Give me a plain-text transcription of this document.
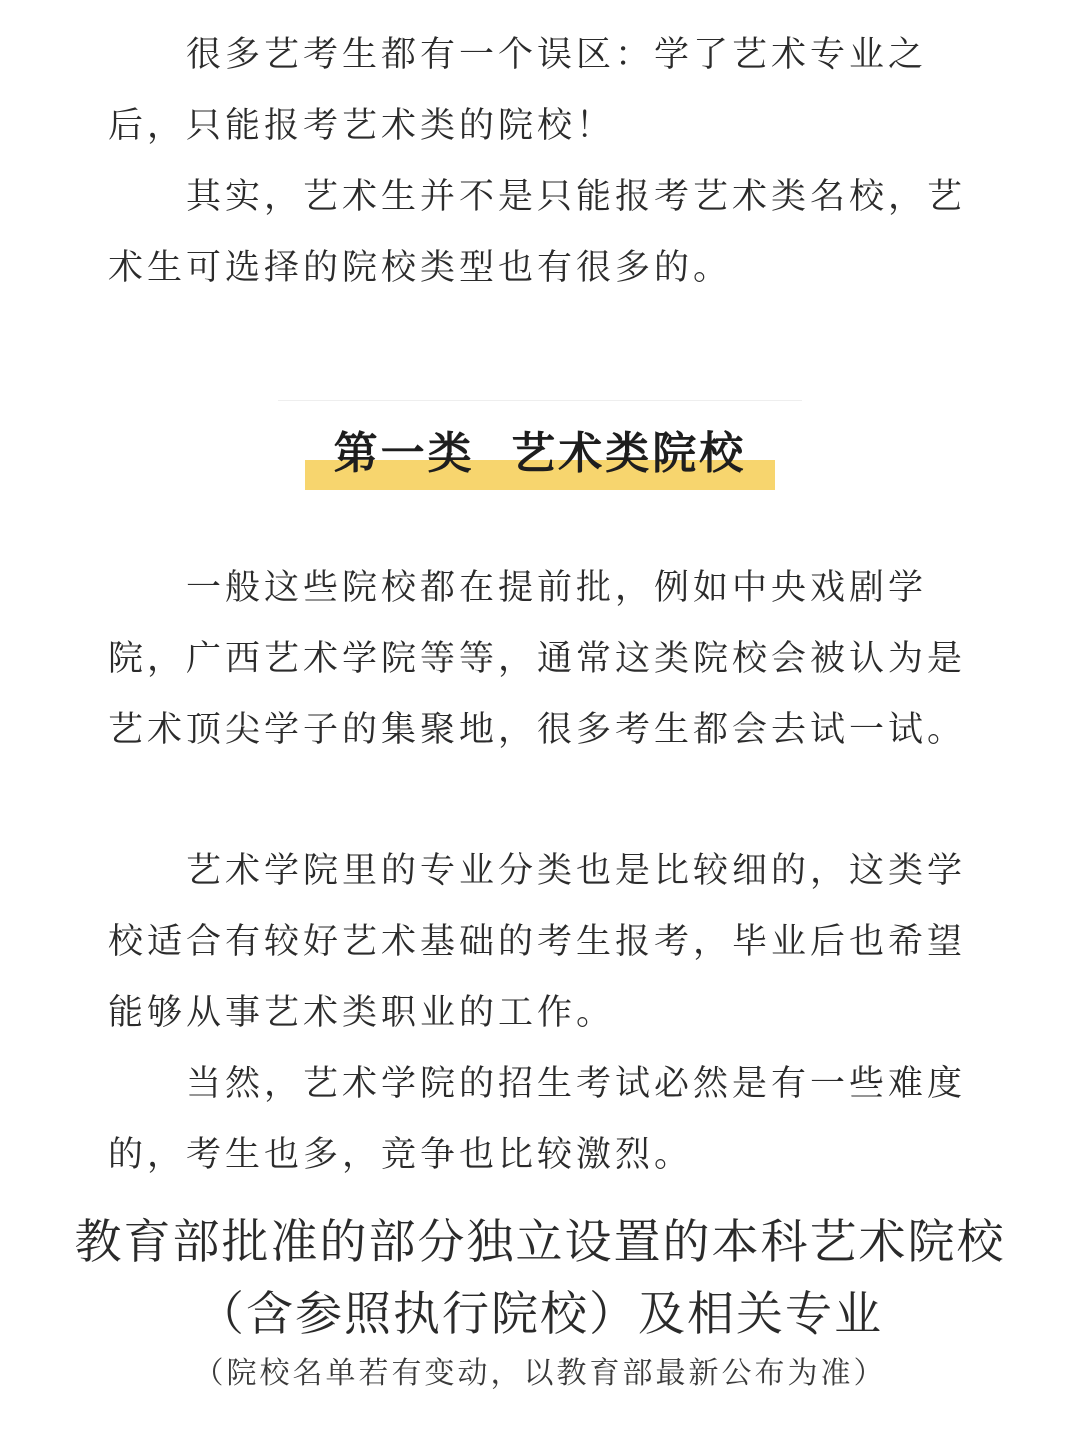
很多艺考生都有一个误区：学了艺术专业之后，只能报考艺术类的院校！

其实，艺术生并不是只能报考艺术类名校，艺术生可选择的院校类型也有很多的。

第一类  艺术类院校

一般这些院校都在提前批，例如中央戏剧学院，广西艺术学院等等，通常这类院校会被认为是艺术顶尖学子的集聚地，很多考生都会去试一试。

艺术学院里的专业分类也是比较细的，这类学校适合有较好艺术基础的考生报考，毕业后也希望能够从事艺术类职业的工作。

当然，艺术学院的招生考试必然是有一些难度的，考生也多，竞争也比较激烈。

教育部批准的部分独立设置的本科艺术院校（含参照执行院校）及相关专业
（院校名单若有变动，以教育部最新公布为准）
